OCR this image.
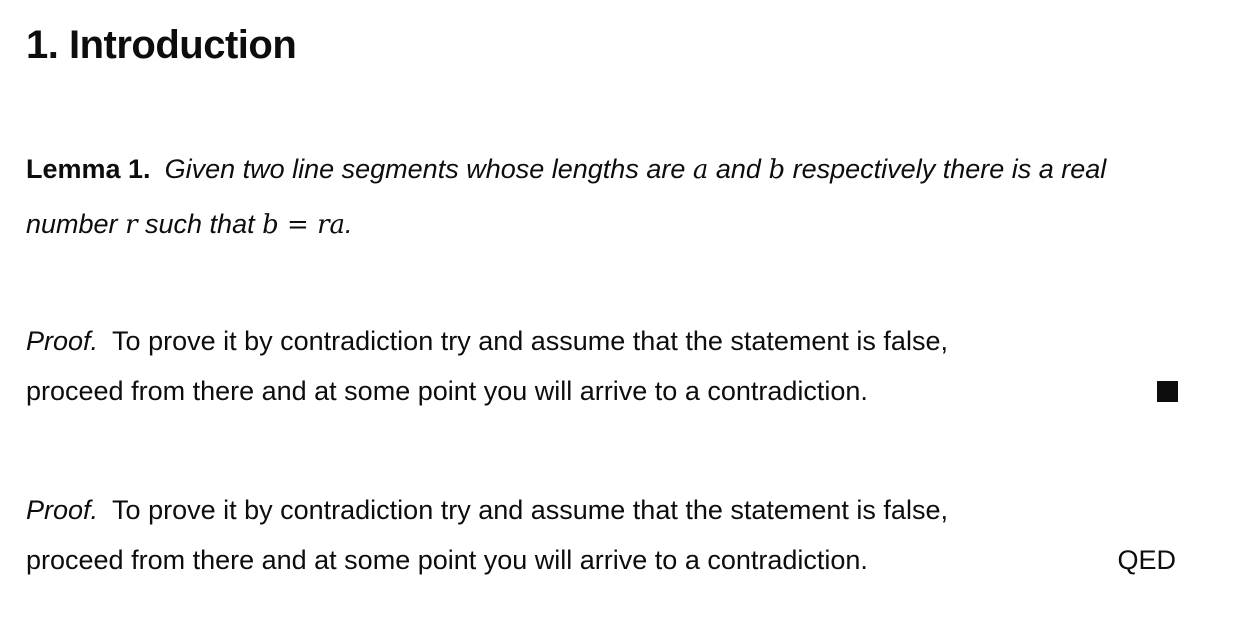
1. Introduction
Lemma 1. Given two line segments whose lengths are a and b respectively there is a real number r such that b = ra.
Proof. To prove it by contradiction try and assume that the statement is false,
proceed from there and at some point you will arrive to a contradiction.
Proof. To prove it by contradiction try and assume that the statement is false,
proceed from there and at some point you will arrive to a contradiction.	QED
